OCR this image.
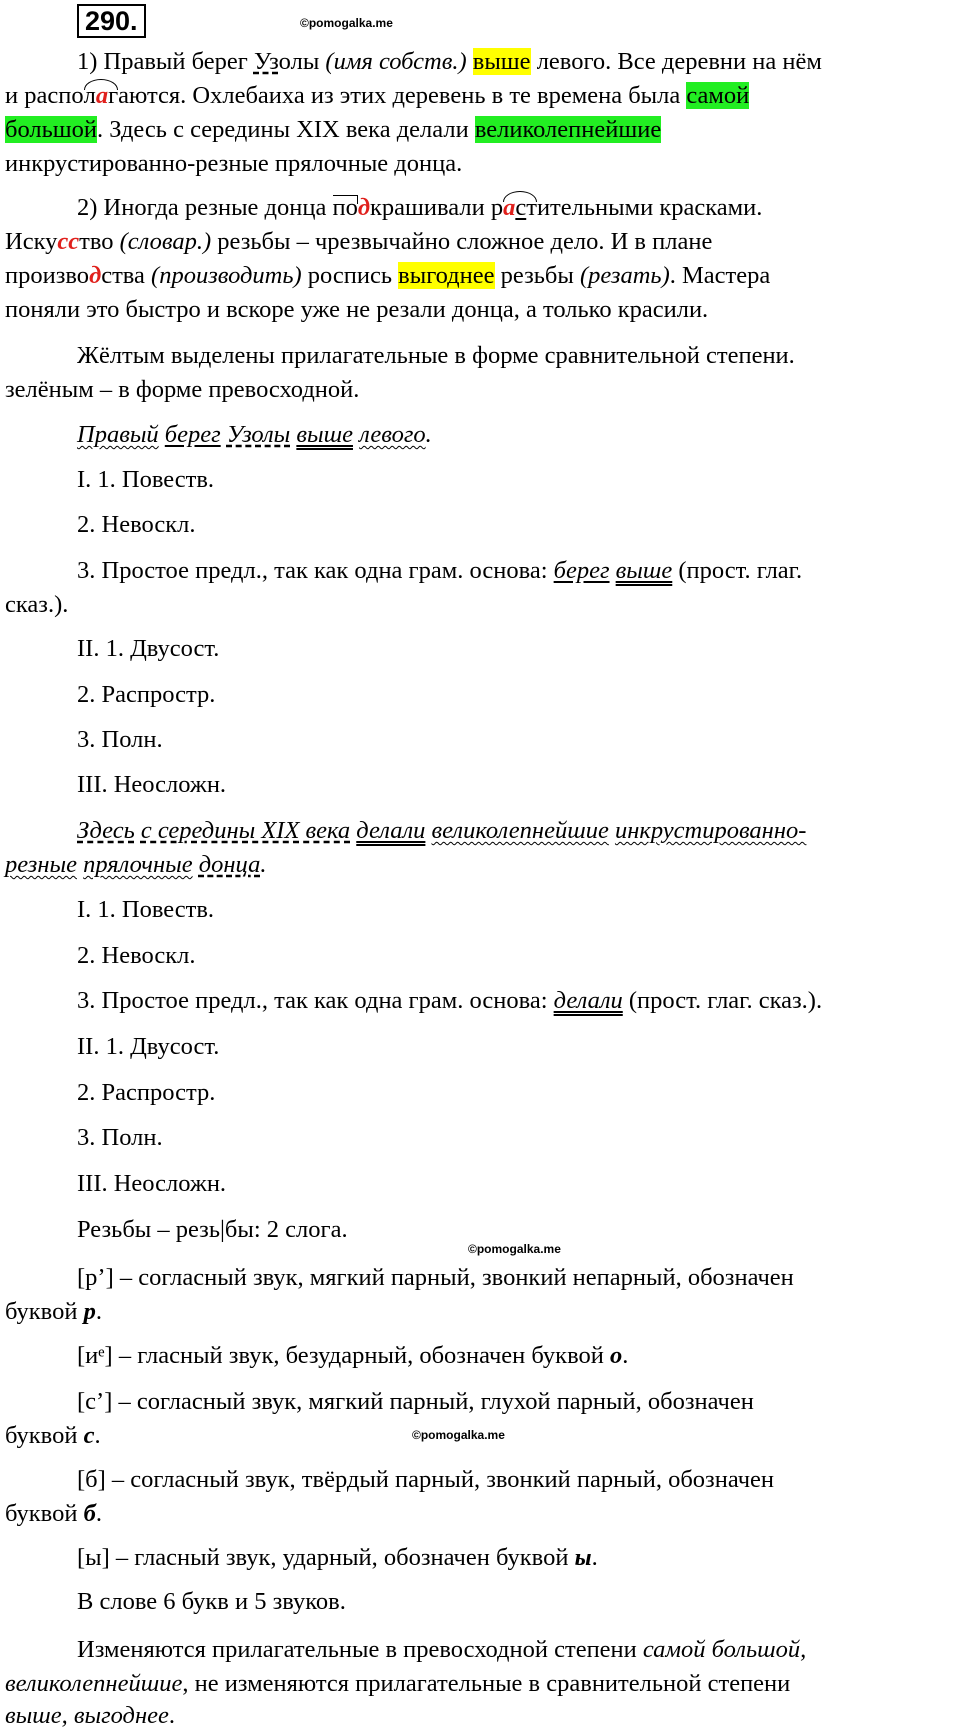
290.	©pomogalka.me
1) Правый берег Узолы (имя собств.) выше левого. Все деревни на нём
и располагаются. Охлебаиха из этих деревень в те времена была самой
большой. Здесь с середины XIX века делали великолепнейшие
инкрустированно-резные прялочные донца.
2) Иногда резные донца подкрашивали растительными красками.
Искусство (словар.) резьбы – чрезвычайно сложное дело. И в плане
производства (производить) роспись выгоднее резьбы (резать). Мастера
поняли это быстро и вскоре уже не резали донца, а только красили.
Жёлтым выделены прилагательные в форме сравнительной степени.
зелёным – в форме превосходной.
Правый берег Узолы выше левого.
I. 1. Повеств.
2. Невоскл.
3. Простое предл., так как одна грам. основа: берег выше (прост. глаг.
сказ.).
II. 1. Двусост.
2. Распростр.
3. Полн.
III. Неосложн.
Здесь с середины XIX века делали великолепнейшие инкрустированно-
резные прялочные донца.
I. 1. Повеств.
2. Невоскл.
3. Простое предл., так как одна грам. основа: делали (прост. глаг. сказ.).
II. 1. Двусост.
2. Распростр.
3. Полн.
III. Неосложн.
Резьбы – резь|бы: 2 слога.
©pomogalka.me
[р’] – согласный звук, мягкий парный, звонкий непарный, обозначен
буквой р.
[иᵉ] – гласный звук, безударный, обозначен буквой о.
[с’] – согласный звук, мягкий парный, глухой парный, обозначен
буквой с.	©pomogalka.me
[б] – согласный звук, твёрдый парный, звонкий парный, обозначен
буквой б.
[ы] – гласный звук, ударный, обозначен буквой ы.
В слове 6 букв и 5 звуков.
Изменяются прилагательные в превосходной степени самой большой,
великолепнейшие, не изменяются прилагательные в сравнительной степени
выше, выгоднее.
